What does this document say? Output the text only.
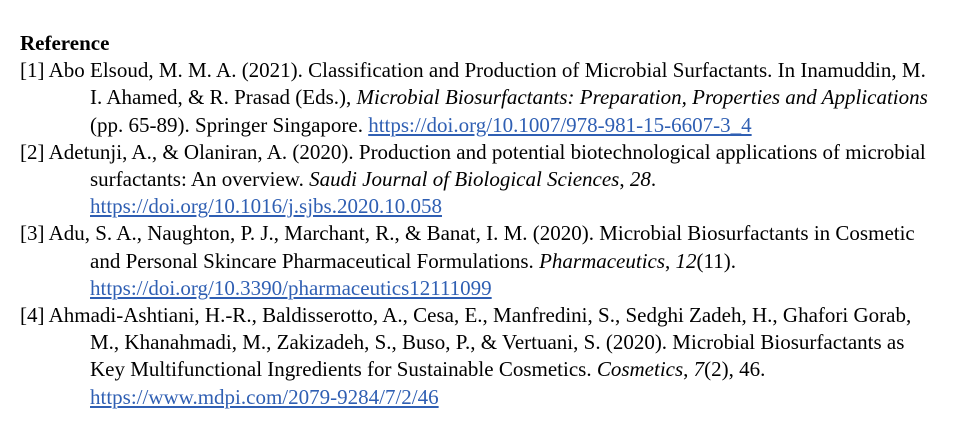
Reference

[1] Abo Elsoud, M. M. A. (2021). Classification and Production of Microbial Surfactants. In Inamuddin, M. I. Ahamed, & R. Prasad (Eds.), Microbial Biosurfactants: Preparation, Properties and Applications (pp. 65-89). Springer Singapore. https://doi.org/10.1007/978-981-15-6607-3_4

[2] Adetunji, A., & Olaniran, A. (2020). Production and potential biotechnological applications of microbial surfactants: An overview. Saudi Journal of Biological Sciences, 28. https://doi.org/10.1016/j.sjbs.2020.10.058

[3] Adu, S. A., Naughton, P. J., Marchant, R., & Banat, I. M. (2020). Microbial Biosurfactants in Cosmetic and Personal Skincare Pharmaceutical Formulations. Pharmaceutics, 12(11). https://doi.org/10.3390/pharmaceutics12111099

[4] Ahmadi-Ashtiani, H.-R., Baldisserotto, A., Cesa, E., Manfredini, S., Sedghi Zadeh, H., Ghafori Gorab, M., Khanahmadi, M., Zakizadeh, S., Buso, P., & Vertuani, S. (2020). Microbial Biosurfactants as Key Multifunctional Ingredients for Sustainable Cosmetics. Cosmetics, 7(2), 46. https://www.mdpi.com/2079-9284/7/2/46
